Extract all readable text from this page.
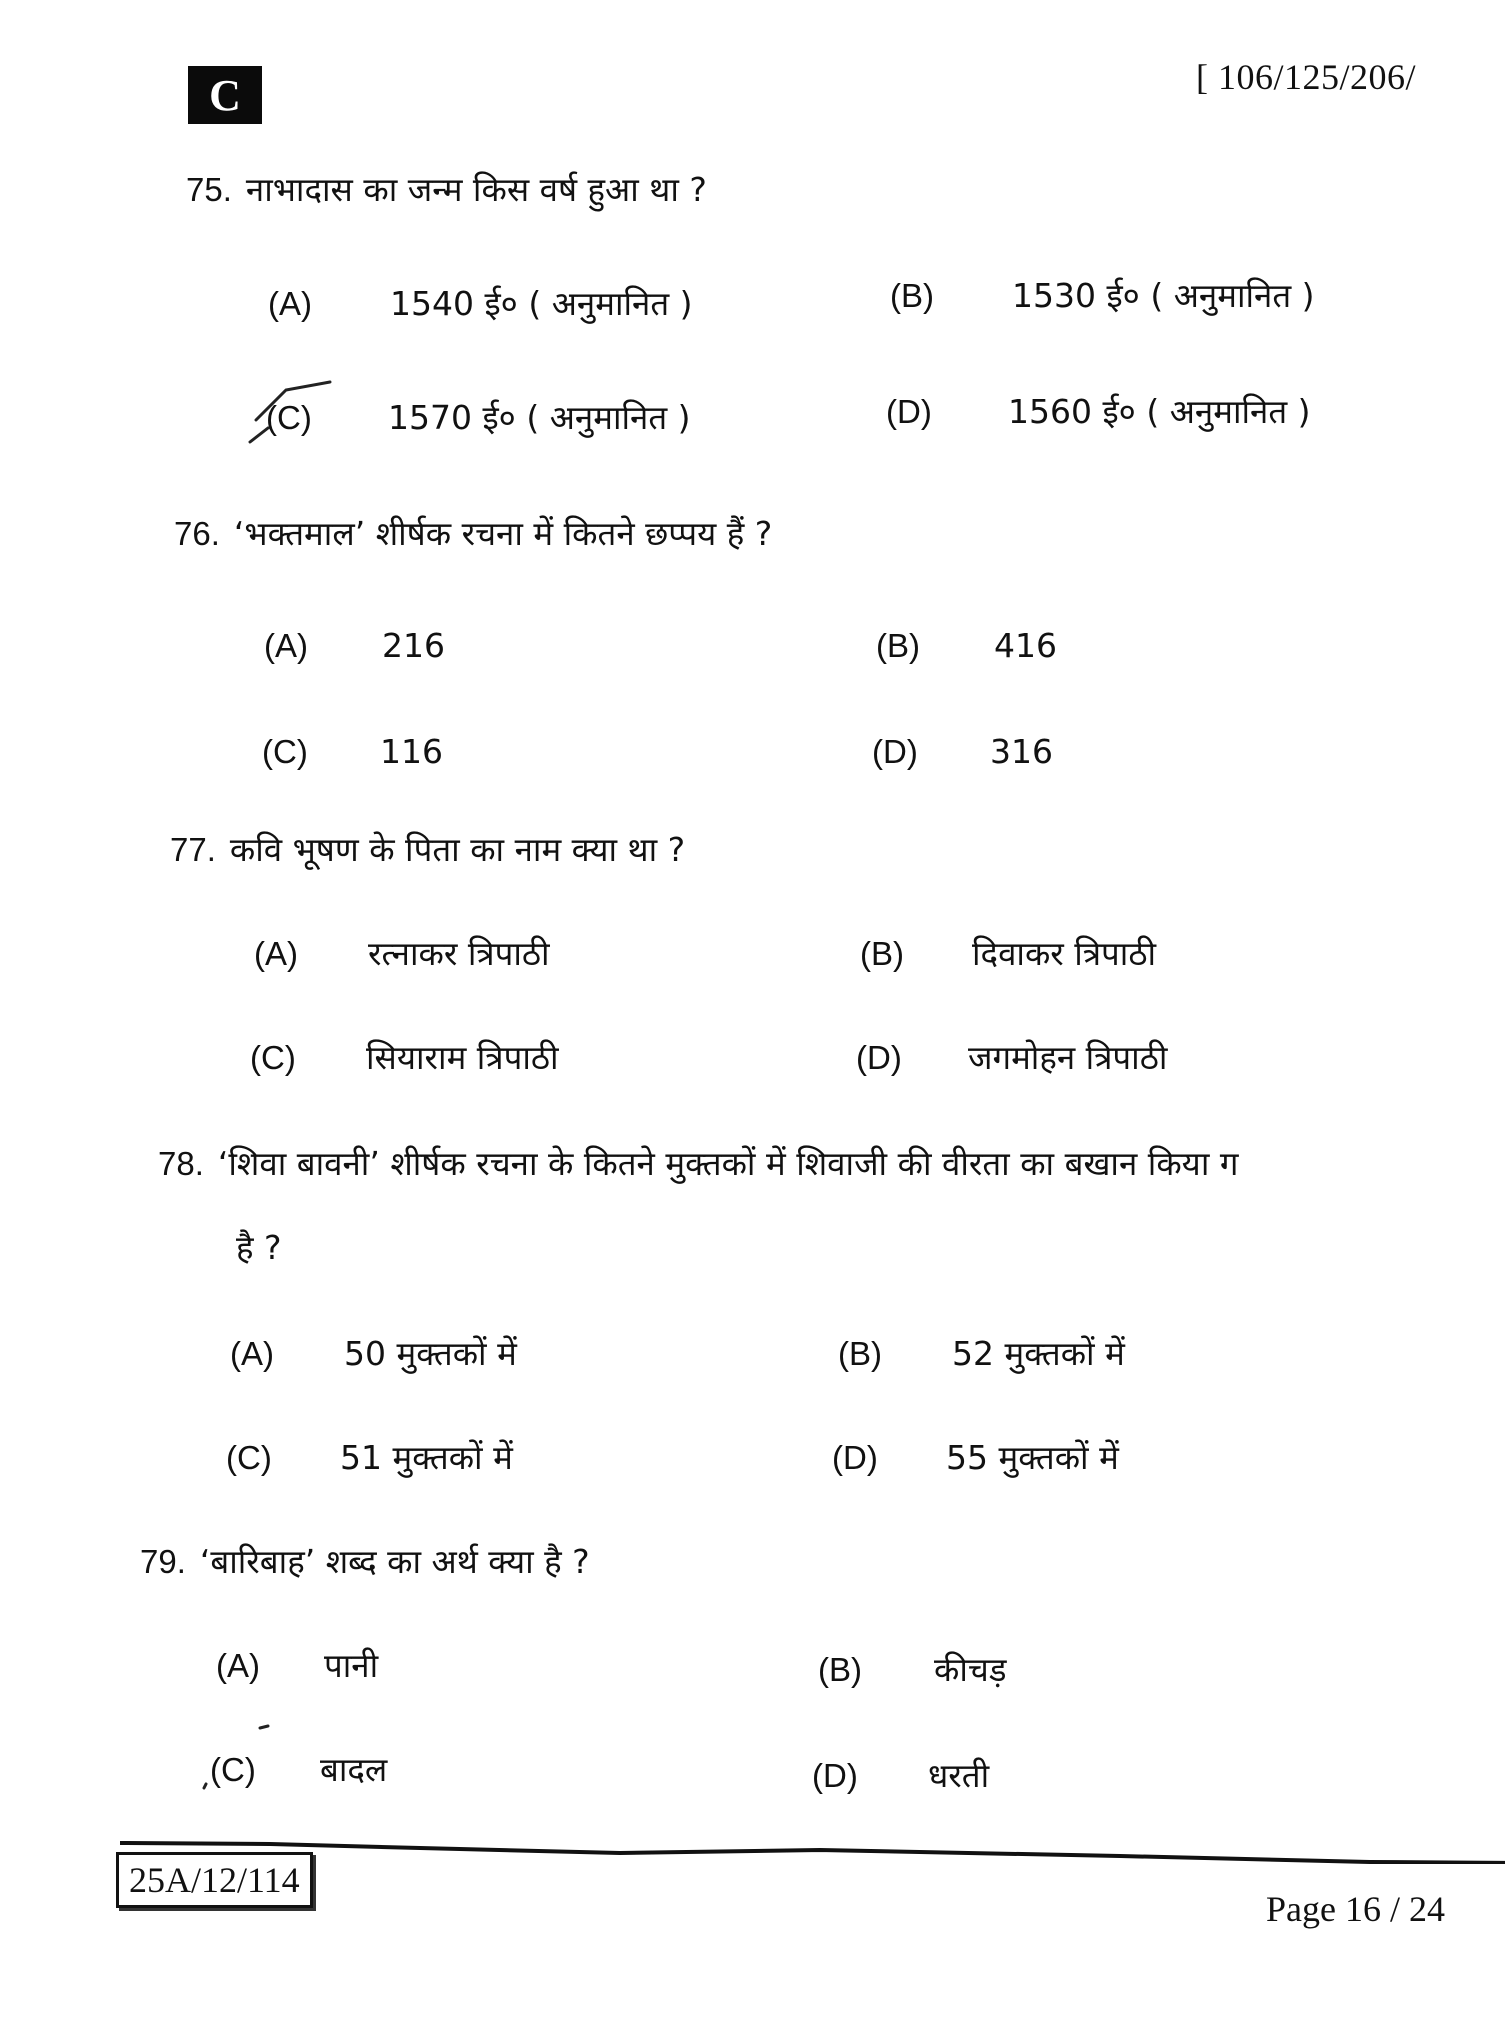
C	[ 106/125/206/
75. नाभादास का जन्म किस वर्ष हुआ था ?
(A) 1540 ई० ( अनुमानित )	(B) 1530 ई० ( अनुमानित )
(C) 1570 ई० ( अनुमानित )	(D) 1560 ई० ( अनुमानित )
76. ‘भक्तमाल’ शीर्षक रचना में कितने छप्पय हैं ?
(A) 216	(B) 416
(C) 116	(D) 316
77. कवि भूषण के पिता का नाम क्या था ?
(A) रत्नाकर त्रिपाठी	(B) दिवाकर त्रिपाठी
(C) सियाराम त्रिपाठी	(D) जगमोहन त्रिपाठी
78. ‘शिवा बावनी’ शीर्षक रचना के कितने मुक्तकों में शिवाजी की वीरता का बखान किया ग
है ?
(A) 50 मुक्तकों में	(B) 52 मुक्तकों में
(C) 51 मुक्तकों में	(D) 55 मुक्तकों में
79. ‘बारिबाह’ शब्द का अर्थ क्या है ?
(A) पानी	(B) कीचड़
(C) बादल	(D) धरती
25A/12/114
Page 16 / 24
